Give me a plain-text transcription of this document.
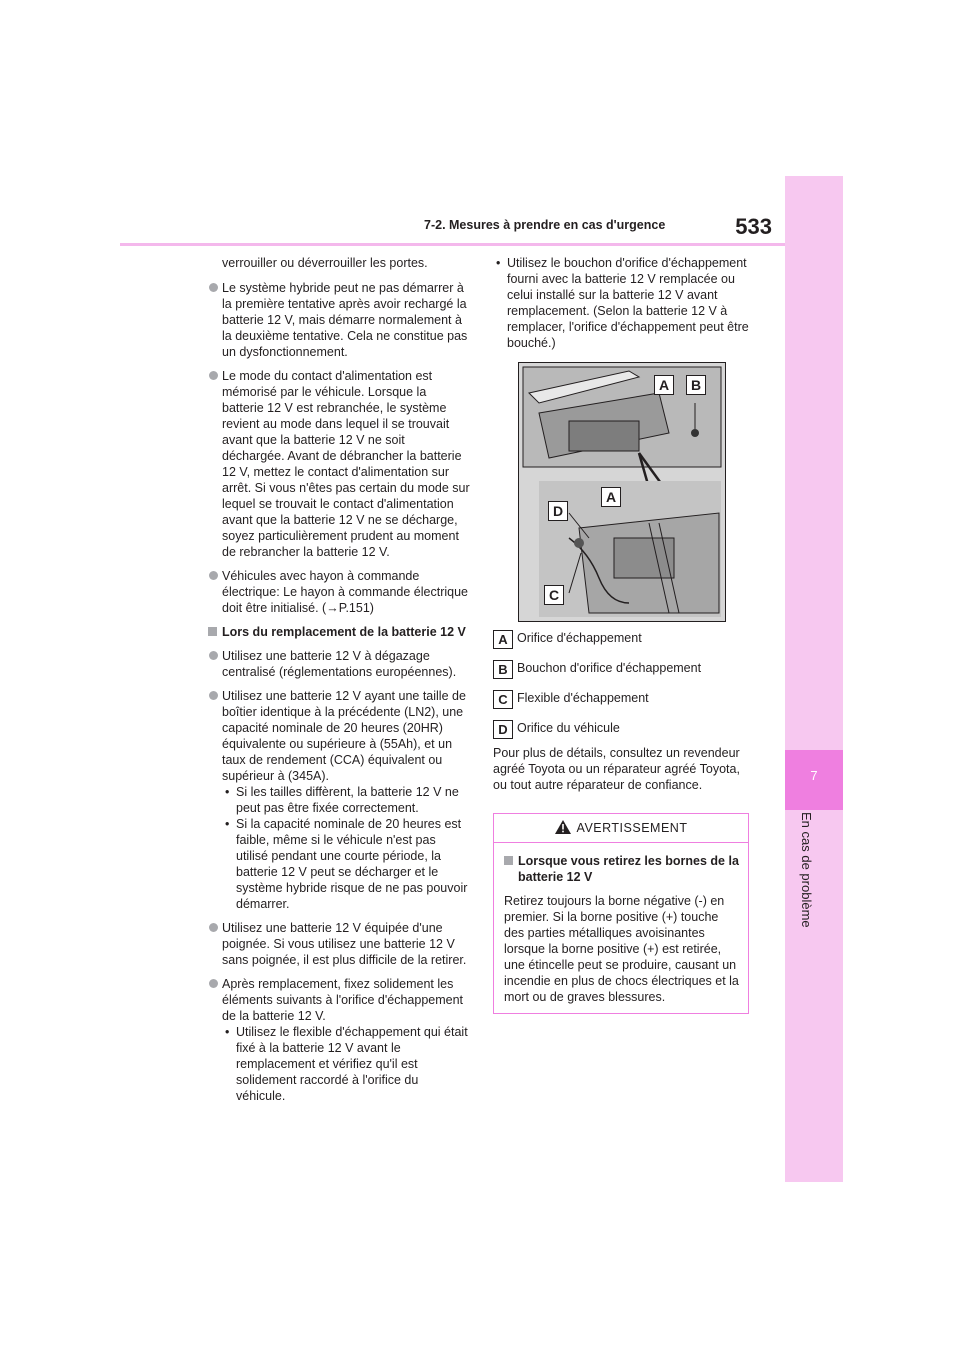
7
En cas de problème
7-2. Mesures à prendre en cas d'urgence	533

verrouiller ou déverrouiller les portes.

Le système hybride peut ne pas démarrer à la première tentative après avoir rechargé la batterie 12 V, mais démarre normalement à la deuxième tentative. Cela ne constitue pas un dysfonctionnement.
Le mode du contact d'alimentation est mémorisé par le véhicule. Lorsque la batterie 12 V est rebranchée, le système revient au mode dans lequel il se trouvait avant que la batterie 12 V ne soit déchargée. Avant de débrancher la batterie 12 V, mettez le contact d'alimentation sur arrêt. Si vous n'êtes pas certain du mode sur lequel se trouvait le contact d'alimentation avant que la batterie 12 V ne se décharge, soyez particulièrement prudent au moment de rebrancher la batterie 12 V.
Véhicules avec hayon à commande électrique: Le hayon à commande électrique doit être initialisé. (→P.151)
Lors du remplacement de la batterie 12 V
Utilisez une batterie 12 V à dégazage centralisé (réglementations européennes).
Utilisez une batterie 12 V ayant une taille de boîtier identique à la précédente (LN2), une capacité nominale de 20 heures (20HR) équivalente ou supérieure à (55Ah), et un taux de rendement (CCA) équivalent ou supérieur à (345A).
• Si les tailles diffèrent, la batterie 12 V ne peut pas être fixée correctement.
• Si la capacité nominale de 20 heures est faible, même si le véhicule n'est pas utilisé pendant une courte période, la batterie 12 V peut se décharger et le système hybride risque de ne pas pouvoir démarrer.
Utilisez une batterie 12 V équipée d'une poignée. Si vous utilisez une batterie 12 V sans poignée, il est plus difficile de la retirer.
Après remplacement, fixez solidement les éléments suivants à l'orifice d'échappement de la batterie 12 V.
• Utilisez le flexible d'échappement qui était fixé à la batterie 12 V avant le remplacement et vérifiez qu'il est solidement raccordé à l'orifice du véhicule.
• Utilisez le bouchon d'orifice d'échappement fourni avec la batterie 12 V remplacée ou celui installé sur la batterie 12 V avant remplacement. (Selon la batterie 12 V à remplacer, l'orifice d'échappement peut être bouché.)
A	B
A
D
C
A Orifice d'échappement
B Bouchon d'orifice d'échappement
C Flexible d'échappement
D Orifice du véhicule

Pour plus de détails, consultez un revendeur agréé Toyota ou un réparateur agréé Toyota, ou tout autre réparateur de confiance.

AVERTISSEMENT
Lorsque vous retirez les bornes de la batterie 12 V

Retirez toujours la borne négative (-) en premier. Si la borne positive (+) touche des parties métalliques avoisinantes lorsque la borne positive (+) est retirée, une étincelle peut se produire, causant un incendie en plus de chocs électriques et la mort ou de graves blessures.
